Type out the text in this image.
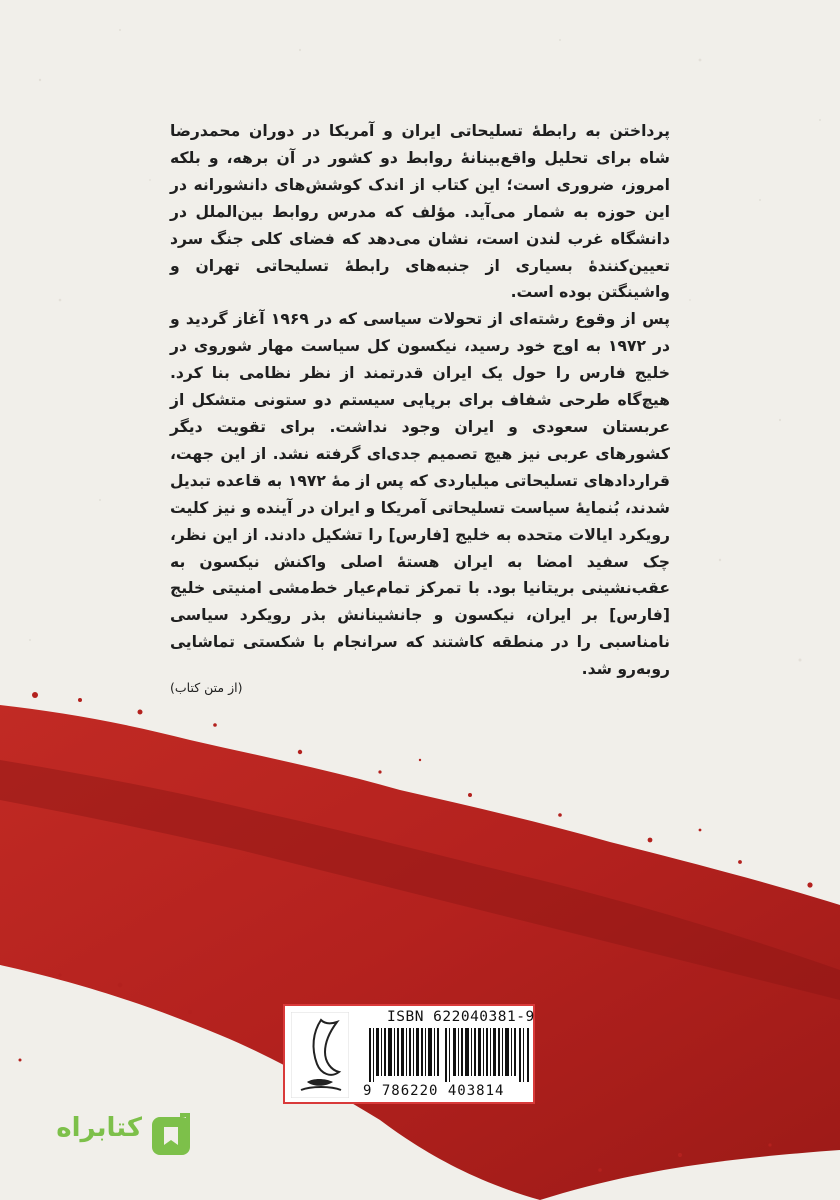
پرداختن به رابطهٔ تسلیحاتی ایران و آمریکا در دوران محمدرضا شاه برای تحلیل واقع‌بینانهٔ روابط دو کشور در آن برهه، و بلکه امروز، ضروری است؛ این کتاب از اندک کوشش‌های دانشورانه در این حوزه به شمار می‌آید. مؤلف که مدرس روابط بین‌الملل در دانشگاه غرب لندن است، نشان می‌دهد که فضای کلی جنگ سرد تعیین‌کنندهٔ بسیاری از جنبه‌های رابطهٔ تسلیحاتی تهران و واشینگتن بوده است.

پس از وقوع رشته‌ای از تحولات سیاسی که در ۱۹۶۹ آغاز گردید و در ۱۹۷۲ به اوج خود رسید، نیکسون کل سیاست مهار شوروی در خلیج فارس را حول یک ایران قدرتمند از نظر نظامی بنا کرد. هیچ‌گاه طرحی شفاف برای برپایی سیستم دو ستونی متشکل از عربستان سعودی و ایران وجود نداشت. برای تقویت دیگر کشورهای عربی نیز هیچ تصمیم جدی‌ای گرفته نشد. از این جهت، قراردادهای تسلیحاتی میلیاردی که پس از مهٔ ۱۹۷۲ به قاعده تبدیل شدند، بُنمایهٔ سیاست تسلیحاتی آمریکا و ایران در آینده و نیز کلیت رویکرد ایالات متحده به خلیج [فارس] را تشکیل دادند. از این نظر، چک سفید امضا به ایران هستهٔ اصلی واکنش نیکسون به عقب‌نشینی بریتانیا بود. با تمرکز تمام‌عیار خط‌مشی امنیتی خلیج [فارس] بر ایران، نیکسون و جانشینانش بذر رویکرد سیاسی نامناسبی را در منطقه کاشتند که سرانجام با شکستی تماشایی روبه‌رو شد.

(از متن کتاب)
ISBN 622040381-9
9 786220 403814
کتابراه
